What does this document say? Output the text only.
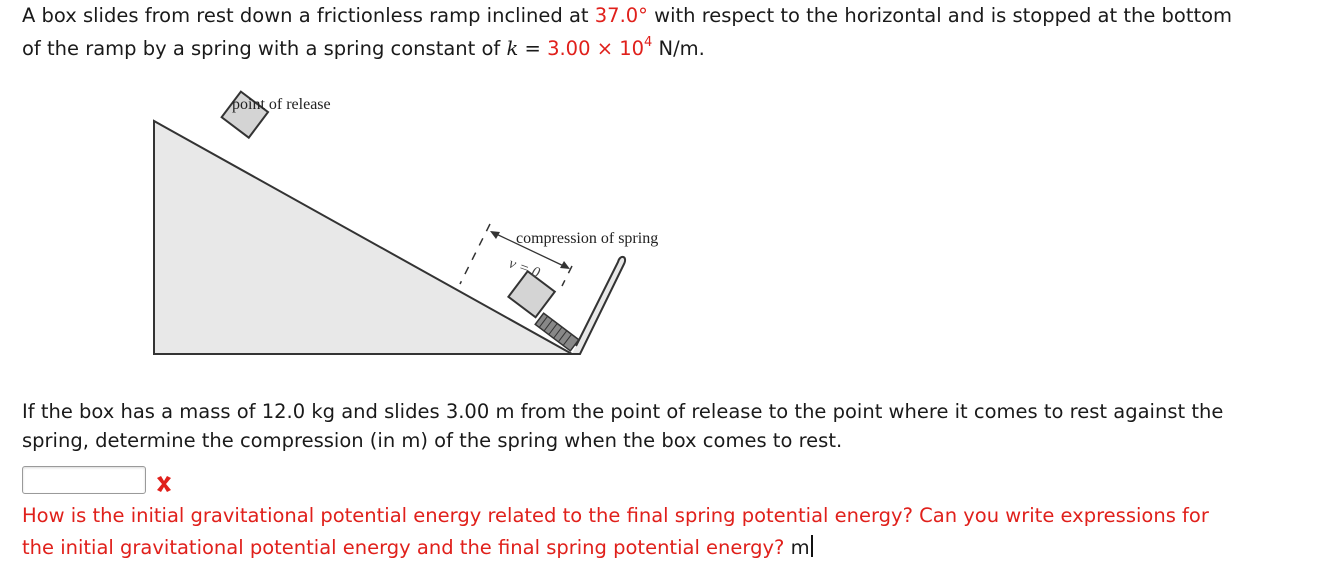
A box slides from rest down a frictionless ramp inclined at 37.0° with respect to the horizontal and is stopped at the bottom
of the ramp by a spring with a spring constant of $k = 3.00 \times 10^4$ N/m.
point of release
compression of spring
v = 0
If the box has a mass of 12.0 kg and slides 3.00 m from the point of release to the point where it comes to rest against the
spring, determine the compression (in m) of the spring when the box comes to rest.
How is the initial gravitational potential energy related to the final spring potential energy? Can you write expressions for
the initial gravitational potential energy and the final spring potential energy? m
